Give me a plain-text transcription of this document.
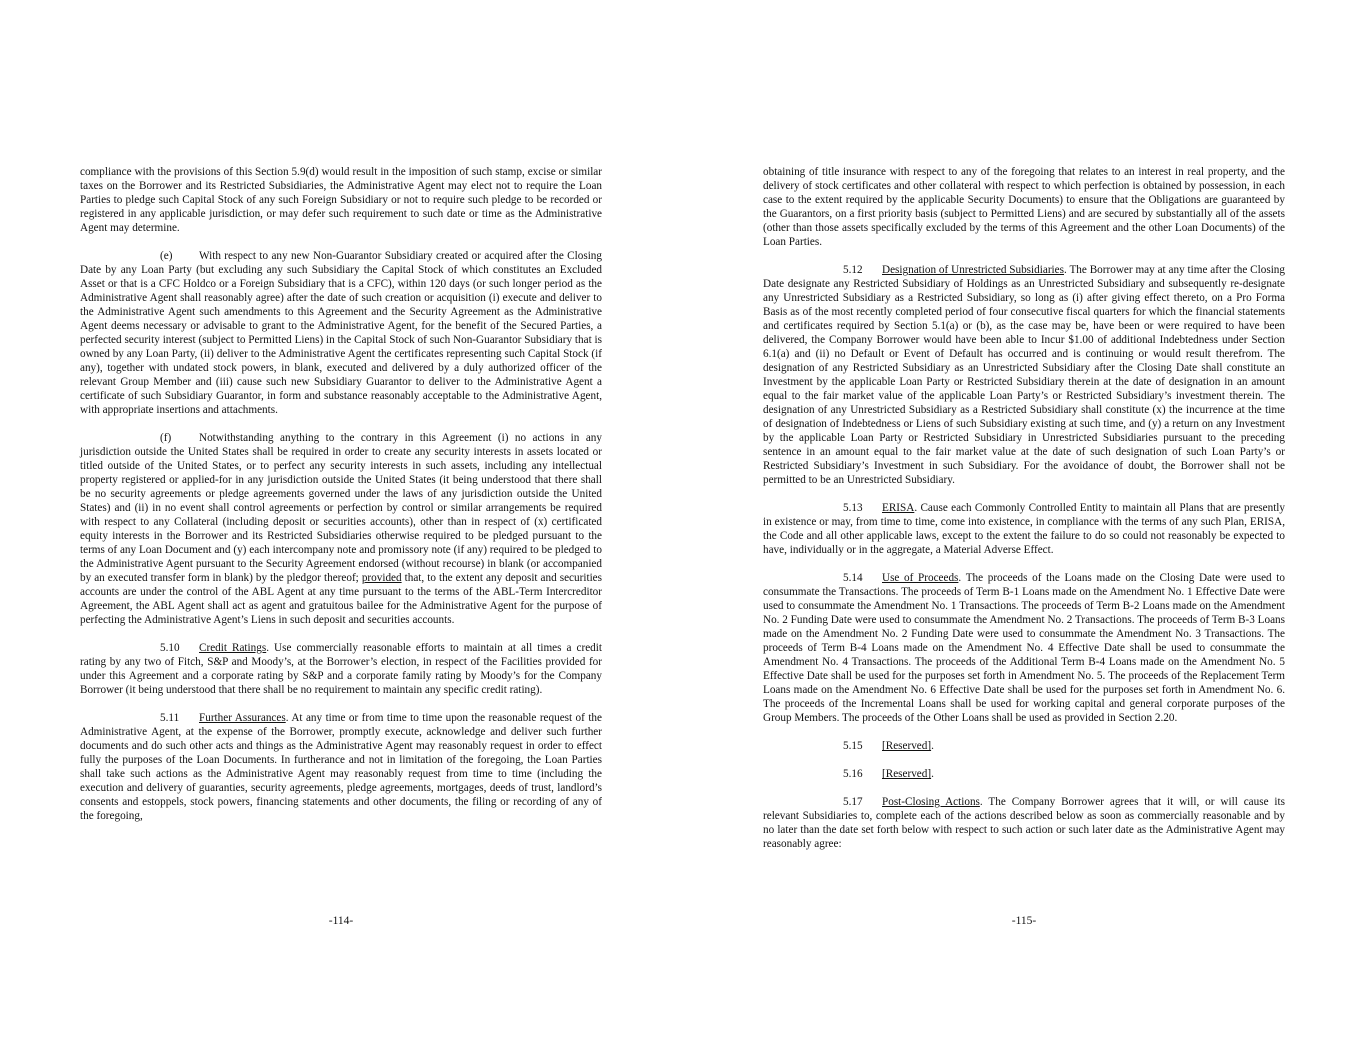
compliance with the provisions of this Section 5.9(d) would result in the imposition of such stamp, excise or similar taxes on the Borrower and its Restricted Subsidiaries, the Administrative Agent may elect not to require the Loan Parties to pledge such Capital Stock of any such Foreign Subsidiary or not to require such pledge to be recorded or registered in any applicable jurisdiction, or may defer such requirement to such date or time as the Administrative Agent may determine.

(e) With respect to any new Non-Guarantor Subsidiary created or acquired after the Closing Date by any Loan Party (but excluding any such Subsidiary the Capital Stock of which constitutes an Excluded Asset or that is a CFC Holdco or a Foreign Subsidiary that is a CFC), within 120 days (or such longer period as the Administrative Agent shall reasonably agree) after the date of such creation or acquisition (i) execute and deliver to the Administrative Agent such amendments to this Agreement and the Security Agreement as the Administrative Agent deems necessary or advisable to grant to the Administrative Agent, for the benefit of the Secured Parties, a perfected security interest (subject to Permitted Liens) in the Capital Stock of such Non-Guarantor Subsidiary that is owned by any Loan Party, (ii) deliver to the Administrative Agent the certificates representing such Capital Stock (if any), together with undated stock powers, in blank, executed and delivered by a duly authorized officer of the relevant Group Member and (iii) cause such new Subsidiary Guarantor to deliver to the Administrative Agent a certificate of such Subsidiary Guarantor, in form and substance reasonably acceptable to the Administrative Agent, with appropriate insertions and attachments.

(f) Notwithstanding anything to the contrary in this Agreement (i) no actions in any jurisdiction outside the United States shall be required in order to create any security interests in assets located or titled outside of the United States, or to perfect any security interests in such assets, including any intellectual property registered or applied-for in any jurisdiction outside the United States (it being understood that there shall be no security agreements or pledge agreements governed under the laws of any jurisdiction outside the United States) and (ii) in no event shall control agreements or perfection by control or similar arrangements be required with respect to any Collateral (including deposit or securities accounts), other than in respect of (x) certificated equity interests in the Borrower and its Restricted Subsidiaries otherwise required to be pledged pursuant to the terms of any Loan Document and (y) each intercompany note and promissory note (if any) required to be pledged to the Administrative Agent pursuant to the Security Agreement endorsed (without recourse) in blank (or accompanied by an executed transfer form in blank) by the pledgor thereof; provided that, to the extent any deposit and securities accounts are under the control of the ABL Agent at any time pursuant to the terms of the ABL-Term Intercreditor Agreement, the ABL Agent shall act as agent and gratuitous bailee for the Administrative Agent for the purpose of perfecting the Administrative Agent’s Liens in such deposit and securities accounts.

5.10 Credit Ratings. Use commercially reasonable efforts to maintain at all times a credit rating by any two of Fitch, S&P and Moody’s, at the Borrower’s election, in respect of the Facilities provided for under this Agreement and a corporate rating by S&P and a corporate family rating by Moody’s for the Company Borrower (it being understood that there shall be no requirement to maintain any specific credit rating).

5.11 Further Assurances. At any time or from time to time upon the reasonable request of the Administrative Agent, at the expense of the Borrower, promptly execute, acknowledge and deliver such further documents and do such other acts and things as the Administrative Agent may reasonably request in order to effect fully the purposes of the Loan Documents. In furtherance and not in limitation of the foregoing, the Loan Parties shall take such actions as the Administrative Agent may reasonably request from time to time (including the execution and delivery of guaranties, security agreements, pledge agreements, mortgages, deeds of trust, landlord’s consents and estoppels, stock powers, financing statements and other documents, the filing or recording of any of the foregoing,

-114-

obtaining of title insurance with respect to any of the foregoing that relates to an interest in real property, and the delivery of stock certificates and other collateral with respect to which perfection is obtained by possession, in each case to the extent required by the applicable Security Documents) to ensure that the Obligations are guaranteed by the Guarantors, on a first priority basis (subject to Permitted Liens) and are secured by substantially all of the assets (other than those assets specifically excluded by the terms of this Agreement and the other Loan Documents) of the Loan Parties.

5.12 Designation of Unrestricted Subsidiaries. The Borrower may at any time after the Closing Date designate any Restricted Subsidiary of Holdings as an Unrestricted Subsidiary and subsequently re-designate any Unrestricted Subsidiary as a Restricted Subsidiary, so long as (i) after giving effect thereto, on a Pro Forma Basis as of the most recently completed period of four consecutive fiscal quarters for which the financial statements and certificates required by Section 5.1(a) or (b), as the case may be, have been or were required to have been delivered, the Company Borrower would have been able to Incur $1.00 of additional Indebtedness under Section 6.1(a) and (ii) no Default or Event of Default has occurred and is continuing or would result therefrom. The designation of any Restricted Subsidiary as an Unrestricted Subsidiary after the Closing Date shall constitute an Investment by the applicable Loan Party or Restricted Subsidiary therein at the date of designation in an amount equal to the fair market value of the applicable Loan Party’s or Restricted Subsidiary’s investment therein. The designation of any Unrestricted Subsidiary as a Restricted Subsidiary shall constitute (x) the incurrence at the time of designation of Indebtedness or Liens of such Subsidiary existing at such time, and (y) a return on any Investment by the applicable Loan Party or Restricted Subsidiary in Unrestricted Subsidiaries pursuant to the preceding sentence in an amount equal to the fair market value at the date of such designation of such Loan Party’s or Restricted Subsidiary’s Investment in such Subsidiary. For the avoidance of doubt, the Borrower shall not be permitted to be an Unrestricted Subsidiary.

5.13 ERISA. Cause each Commonly Controlled Entity to maintain all Plans that are presently in existence or may, from time to time, come into existence, in compliance with the terms of any such Plan, ERISA, the Code and all other applicable laws, except to the extent the failure to do so could not reasonably be expected to have, individually or in the aggregate, a Material Adverse Effect.

5.14 Use of Proceeds. The proceeds of the Loans made on the Closing Date were used to consummate the Transactions. The proceeds of Term B-1 Loans made on the Amendment No. 1 Effective Date were used to consummate the Amendment No. 1 Transactions. The proceeds of Term B-2 Loans made on the Amendment No. 2 Funding Date were used to consummate the Amendment No. 2 Transactions. The proceeds of Term B-3 Loans made on the Amendment No. 2 Funding Date were used to consummate the Amendment No. 3 Transactions. The proceeds of Term B-4 Loans made on the Amendment No. 4 Effective Date shall be used to consummate the Amendment No. 4 Transactions. The proceeds of the Additional Term B-4 Loans made on the Amendment No. 5 Effective Date shall be used for the purposes set forth in Amendment No. 5. The proceeds of the Replacement Term Loans made on the Amendment No. 6 Effective Date shall be used for the purposes set forth in Amendment No. 6. The proceeds of the Incremental Loans shall be used for working capital and general corporate purposes of the Group Members. The proceeds of the Other Loans shall be used as provided in Section 2.20.

5.15 [Reserved].

5.16 [Reserved].

5.17 Post-Closing Actions. The Company Borrower agrees that it will, or will cause its relevant Subsidiaries to, complete each of the actions described below as soon as commercially reasonable and by no later than the date set forth below with respect to such action or such later date as the Administrative Agent may reasonably agree:

-115-
